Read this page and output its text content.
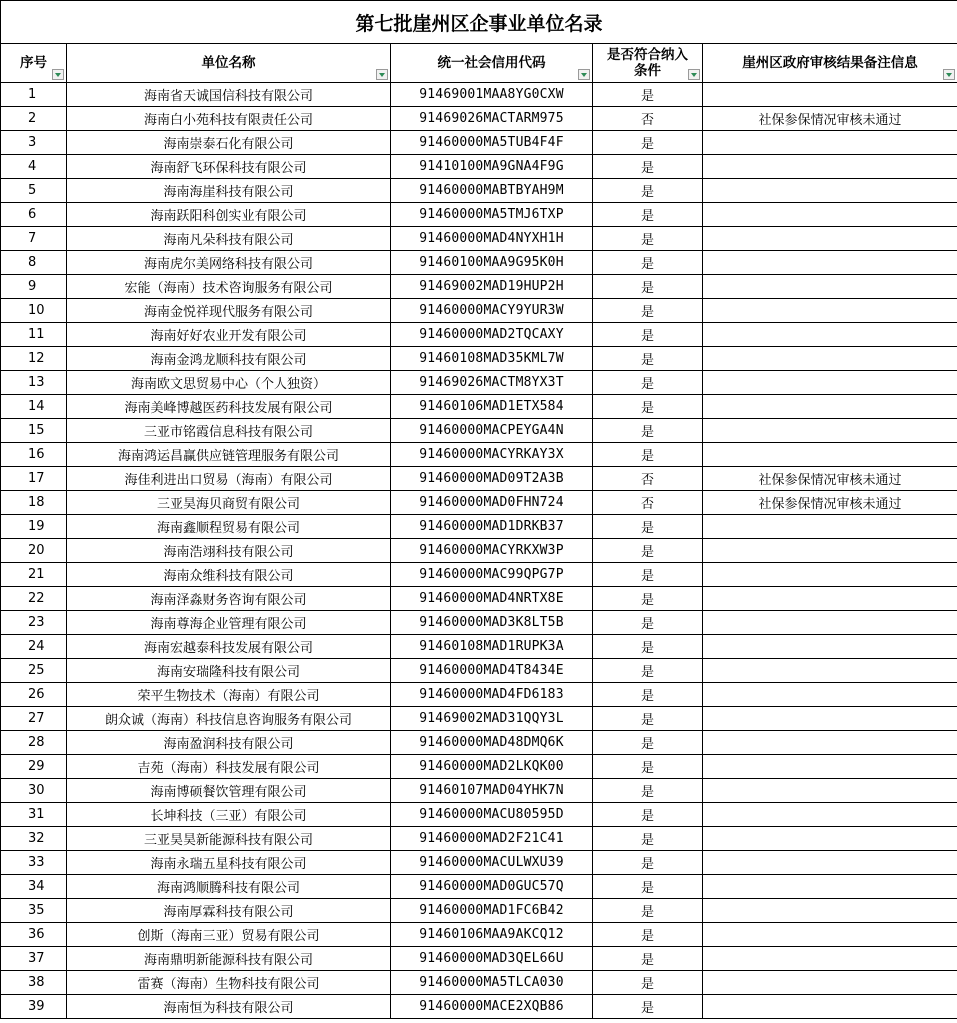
第七批崖州区企事业单位名录				
序号	单位名称	统一社会信用代码	是否符合纳入条件	崖州区政府审核结果备注信息

1	海南省天诚国信科技有限公司	91469001MAA8YG0CXW	是	
2	海南白小苑科技有限责任公司	91469026MACTARM975	否	社保参保情况审核未通过
3	海南崇泰石化有限公司	91460000MA5TUB4F4F	是	
4	海南舒飞环保科技有限公司	91410100MA9GNA4F9G	是	
5	海南海崖科技有限公司	91460000MABTBYAH9M	是	
6	海南跃阳科创实业有限公司	91460000MA5TMJ6TXP	是	
7	海南凡朵科技有限公司	91460000MAD4NYXH1H	是	
8	海南虎尔美网络科技有限公司	91460100MAA9G95K0H	是	
9	宏能（海南）技术咨询服务有限公司	91469002MAD19HUP2H	是	
10	海南金悦祥现代服务有限公司	91460000MACY9YUR3W	是	
11	海南好好农业开发有限公司	91460000MAD2TQCAXY	是	
12	海南金鸿龙顺科技有限公司	91460108MAD35KML7W	是	
13	海南欧文思贸易中心（个人独资）	91469026MACTM8YX3T	是	
14	海南美峰博越医药科技发展有限公司	91460106MAD1ETX584	是	
15	三亚市铭霞信息科技有限公司	91460000MACPEYGA4N	是	
16	海南鸿运昌赢供应链管理服务有限公司	91460000MACYRKAY3X	是	
17	海佳利进出口贸易（海南）有限公司	91460000MAD09T2A3B	否	社保参保情况审核未通过
18	三亚昊海贝商贸有限公司	91460000MAD0FHN724	否	社保参保情况审核未通过
19	海南鑫顺程贸易有限公司	91460000MAD1DRKB37	是	
20	海南浩翊科技有限公司	91460000MACYRKXW3P	是	
21	海南众维科技有限公司	91460000MAC99QPG7P	是	
22	海南泽淼财务咨询有限公司	91460000MAD4NRTX8E	是	
23	海南尊海企业管理有限公司	91460000MAD3K8LT5B	是	
24	海南宏越泰科技发展有限公司	91460108MAD1RUPK3A	是	
25	海南安瑞隆科技有限公司	91460000MAD4T8434E	是	
26	荣平生物技术（海南）有限公司	91460000MAD4FD6183	是	
27	朗众诚（海南）科技信息咨询服务有限公司	91469002MAD31QQY3L	是	
28	海南盈润科技有限公司	91460000MAD48DMQ6K	是	
29	吉苑（海南）科技发展有限公司	91460000MAD2LKQK00	是	
30	海南博硕餐饮管理有限公司	91460107MAD04YHK7N	是	
31	长坤科技（三亚）有限公司	91460000MACU80595D	是	
32	三亚昊昊新能源科技有限公司	91460000MAD2F21C41	是	
33	海南永瑞五星科技有限公司	91460000MACULWXU39	是	
34	海南鸿顺腾科技有限公司	91460000MAD0GUC57Q	是	
35	海南厚霖科技有限公司	91460000MAD1FC6B42	是	
36	创斯（海南三亚）贸易有限公司	91460106MAA9AKCQ12	是	
37	海南鼎明新能源科技有限公司	91460000MAD3QEL66U	是	
38	雷赛（海南）生物科技有限公司	91460000MA5TLCA030	是	
39	海南恒为科技有限公司	91460000MACE2XQB86	是	
